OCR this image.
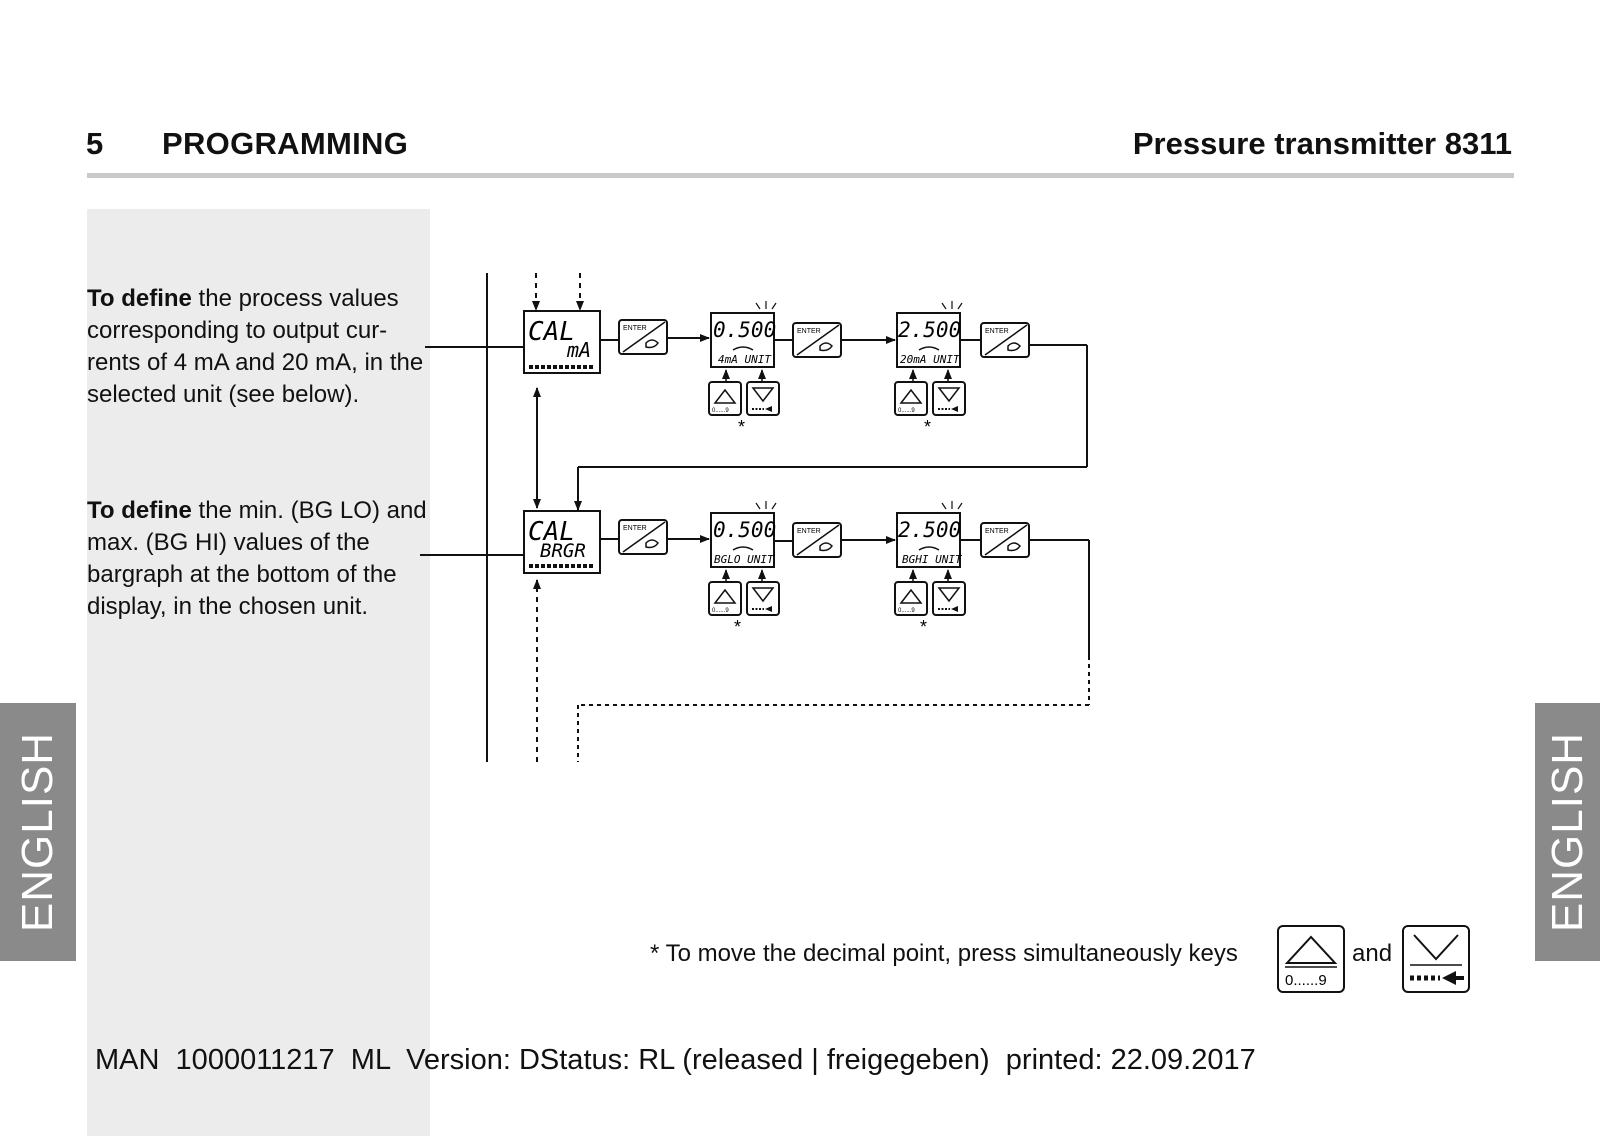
5 PROGRAMMING	Pressure transmitter 8311
ENGLISH	ENGLISH
To define the process values corresponding to output cur-rents of 4 mA and 20 mA, in the selected unit (see below).
To define the min. (BG LO) and max. (BG HI) values of the bargraph at the bottom of the display, in the chosen unit.
CAL
mA
ENTER	0.500
4mA UNIT
ENTER	2.500
20mA UNIT
ENTER
0......9
*
0......9
*
CAL
BRGR
ENTER	0.500
BGLO UNIT
ENTER	2.500
BGHI UNIT
ENTER
0......9
*
0......9
*
* To move the decimal point, press simultaneously keys
0......9
and
MAN  1000011217  ML  Version: DStatus: RL (released | freigegeben)  printed: 22.09.2017
